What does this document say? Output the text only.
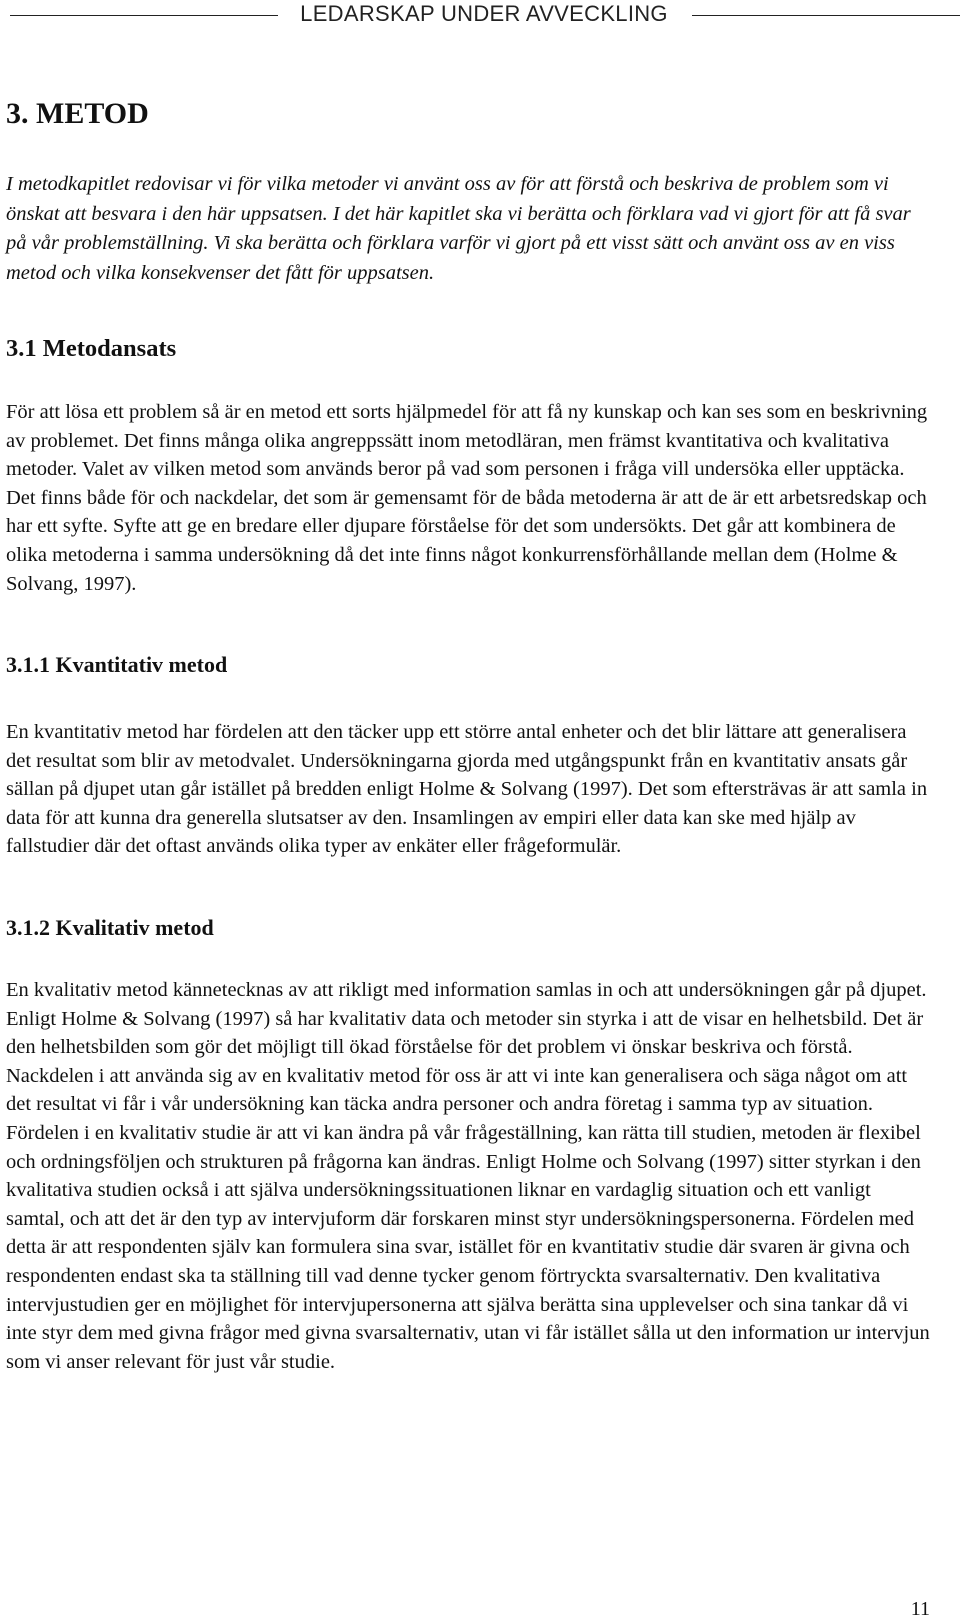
LEDARSKAP UNDER AVVECKLING
3. METOD

I metodkapitlet redovisar vi för vilka metoder vi använt oss av för att förstå och beskriva de problem som vi önskat att besvara i den här uppsatsen. I det här kapitlet ska vi berätta och förklara vad vi gjort för att få svar på vår problemställning. Vi ska berätta och förklara varför vi gjort på ett visst sätt och använt oss av en viss metod och vilka konsekvenser det fått för uppsatsen.

3.1 Metodansats

För att lösa ett problem så är en metod ett sorts hjälpmedel för att få ny kunskap och kan ses som en beskrivning av problemet. Det finns många olika angreppssätt inom metodläran, men främst kvantitativa och kvalitativa metoder. Valet av vilken metod som används beror på vad som personen i fråga vill undersöka eller upptäcka. Det finns både för och nackdelar, det som är gemensamt för de båda metoderna är att de är ett arbetsredskap och har ett syfte. Syfte att ge en bredare eller djupare förståelse för det som undersökts. Det går att kombinera de olika metoderna i samma undersökning då det inte finns något konkurrensförhållande mellan dem (Holme & Solvang, 1997).

3.1.1 Kvantitativ metod

En kvantitativ metod har fördelen att den täcker upp ett större antal enheter och det blir lättare att generalisera det resultat som blir av metodvalet. Undersökningarna gjorda med utgångspunkt från en kvantitativ ansats går sällan på djupet utan går istället på bredden enligt Holme & Solvang (1997). Det som eftersträvas är att samla in data för att kunna dra generella slutsatser av den. Insamlingen av empiri eller data kan ske med hjälp av fallstudier där det oftast används olika typer av enkäter eller frågeformulär.

3.1.2 Kvalitativ metod

En kvalitativ metod kännetecknas av att rikligt med information samlas in och att undersökningen går på djupet. Enligt Holme & Solvang (1997) så har kvalitativ data och metoder sin styrka i att de visar en helhetsbild. Det är den helhetsbilden som gör det möjligt till ökad förståelse för det problem vi önskar beskriva och förstå. Nackdelen i att använda sig av en kvalitativ metod för oss är att vi inte kan generalisera och säga något om att det resultat vi får i vår undersökning kan täcka andra personer och andra företag i samma typ av situation. Fördelen i en kvalitativ studie är att vi kan ändra på vår frågeställning, kan rätta till studien, metoden är flexibel och ordningsföljen och strukturen på frågorna kan ändras. Enligt Holme och Solvang (1997) sitter styrkan i den kvalitativa studien också i att själva undersökningssituationen liknar en vardaglig situation och ett vanligt samtal, och att det är den typ av intervjuform där forskaren minst styr undersökningspersonerna. Fördelen med detta är att respondenten själv kan formulera sina svar, istället för en kvantitativ studie där svaren är givna och respondenten endast ska ta ställning till vad denne tycker genom förtryckta svarsalternativ. Den kvalitativa intervjustudien ger en möjlighet för intervjupersonerna att själva berätta sina upplevelser och sina tankar då vi inte styr dem med givna frågor med givna svarsalternativ, utan vi får istället sålla ut den information ur intervjun som vi anser relevant för just vår studie.

11
